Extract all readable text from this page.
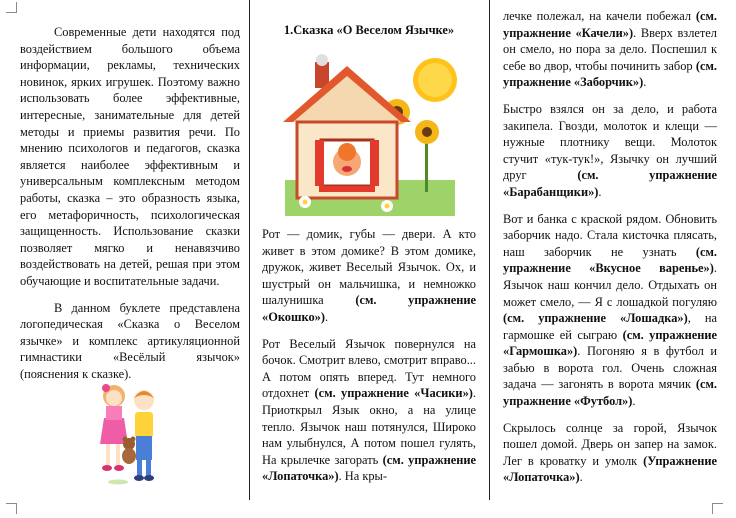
Современные дети находятся под воздействием большого объема информации, рекламы, технических новинок, ярких игрушек. Поэтому важно использовать более эффективные, интересные, занимательные для детей методы и приемы развития речи. По мнению психологов и педагогов, сказка является наиболее эффективным и универсальным комплексным методом работы, сказка – это образность языка, его метафоричность, психологическая защищенность. Использование сказки позволяет мягко и ненавязчиво воздействовать на детей, решая при этом обучающие и воспитательные задачи.

В данном буклете представлена логопедическая «Сказка о Веселом язычке» и комплекс артикуляционной гимнастики «Весёлый язычок» (пояснения к сказке).

1.Сказка «О Веселом Язычке»

Рот — домик, губы — двери. А кто живет в этом домике? В этом домике, дружок, живет Веселый Язычок. Ох, и шустрый он мальчишка, и немножко шалунишка (см. упражнение «Окошко»).

Рот Веселый Язычок повернулся на бочок. Смотрит влево, смотрит вправо... А потом опять вперед. Тут немного отдохнет (см. упражнение «Часики»). Приоткрыл Язык окно, а на улице тепло. Язычок наш потянулся, Широко нам улыбнулся, А потом пошел гулять, На крылечке загорать (см. упражнение «Лопаточка»). На кры-

лечке полежал, на качели побежал (см. упражнение «Качели»). Вверх взлетел он смело, но пора за дело. Поспешил к себе во двор, чтобы починить забор (см. упражнение «Заборчик»).

Быстро взялся он за дело, и работа закипела. Гвозди, молоток и клещи — нужные плотнику вещи. Молоток стучит «тук-тук!», Язычку он лучший друг (см. упражнение «Барабанщики»).

Вот и банка с краской рядом. Обновить заборчик надо. Стала кисточка плясать, наш заборчик не узнать (см. упражнение «Вкусное варенье»). Язычок наш кончил дело. Отдыхать он может смело, — Я с лошадкой погуляю (см. упражнение «Лошадка»), на гармошке ей сыграю (см. упражнение «Гармошка»). Погоняю я в футбол и забью в ворота гол. Очень сложная задача — загонять в ворота мячик (см. упражнение «Футбол»).

Скрылось солнце за горой, Язычок пошел домой. Дверь он запер на замок. Лег в кроватку и умолк (Упражнение «Лопаточка»).
